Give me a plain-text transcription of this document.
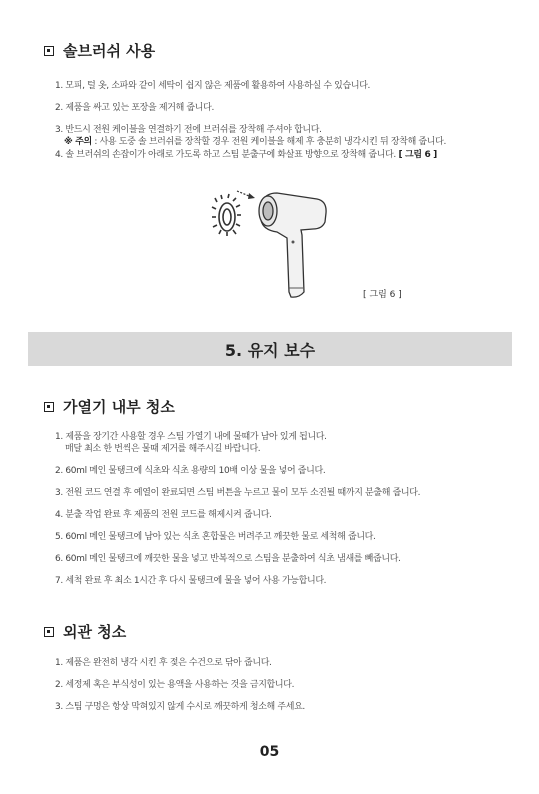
솔브러쉬 사용
1. 모피, 털 옷, 소파와 같이 세탁이 쉽지 않은 제품에 활용하여 사용하실 수 있습니다.
2. 제품을 싸고 있는 포장을 제거해 줍니다.
3. 반드시 전원 케이블을 연결하기 전에 브러쉬를 장착해 주셔야 합니다.
※ 주의 : 사용 도중 솔 브러쉬를 장착할 경우 전원 케이블을 해제 후 충분히 냉각시킨 뒤 장착해 줍니다.
4. 솔 브러쉬의 손잡이가 아래로 가도록 하고 스팀 분출구에 화살표 방향으로 장착해 줍니다. [ 그림 6 ]
[ 그림 6 ]
5. 유지 보수
가열기 내부 청소
1. 제품을 장기간 사용할 경우 스팀 가열기 내에 물때가 남아 있게 됩니다.
매달 최소 한 번씩은 물때 제거를 해주시길 바랍니다.
2. 60ml 메인 물탱크에 식초와 식초 용량의 10배 이상 물을 넣어 줍니다.
3. 전원 코드 연결 후 예열이 완료되면 스팀 버튼을 누르고 물이 모두 소진될 때까지 분출해 줍니다.
4. 분출 작업 완료 후 제품의 전원 코드를 해제시켜 줍니다.
5. 60ml 메인 물탱크에 남아 있는 식초 혼합물은 버려주고 깨끗한 물로 세척해 줍니다.
6. 60ml 메인 물탱크에 깨끗한 물을 넣고 반복적으로 스팀을 분출하여 식초 냄새를 빼줍니다.
7. 세척 완료 후 최소 1시간 후 다시 물탱크에 물을 넣어 사용 가능합니다.
외관 청소
1. 제품은 완전히 냉각 시킨 후 젖은 수건으로 닦아 줍니다.
2. 세정제 혹은 부식성이 있는 용액을 사용하는 것을 금지합니다.
3. 스팀 구멍은 항상 막혀있지 않게 수시로 깨끗하게 청소해 주세요.
05
